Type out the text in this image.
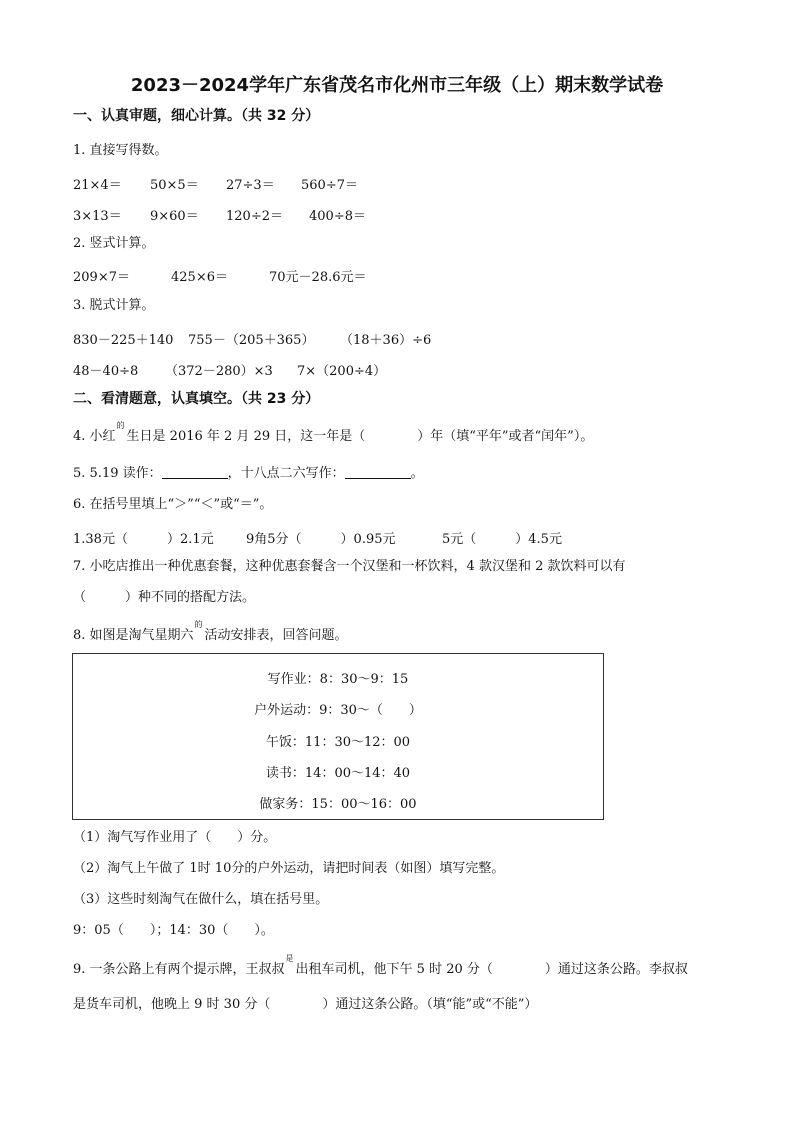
2023－2024学年广东省茂名市化州市三年级（上）期末数学试卷
一、认真审题，细心计算。（共 32 分）
1. 直接写得数。
21×4＝ 50×5＝ 27÷3＝ 560÷7＝
3×13＝ 9×60＝ 120÷2＝ 400÷8＝
2. 竖式计算。
209×7＝	425×6＝	70元－28.6元＝
3. 脱式计算。
830－225＋140 755－（205＋365） （18＋36）÷6
48－40÷8 （372－280）×3 7×（200÷4）
二、看清题意，认真填空。（共 23 分）
4. 小红
的
生日是 2016 年 2 月 29 日，这一年是（　　　　）年（填“平年”或者“闰年”）。
5. 5.19 读作：	，十八点二六写作：	。
6. 在括号里填上“＞”“＜”或“＝”。
1.38元（　　　）2.1元 9角5分（　　　）0.95元	5元（　　　）4.5元
7. 小吃店推出一种优惠套餐，这种优惠套餐含一个汉堡和一杯饮料，4 款汉堡和 2 款饮料可以有
（　　　）种不同的搭配方法。
8. 如图是淘气星期六
的
活动安排表，回答问题。
写作业：8：30～9：15
户外运动：9：30～（　　）
午饭：11：30～12：00
读书：14：00～14：40
做家务：15：00～16：00
（1）淘气写作业用了（　　）分。
（2）淘气上午做了 1时 10分的户外运动，请把时间表（如图）填写完整。
（3）这些时刻淘气在做什么，填在括号里。
9：05（　　）；14：30（　　）。
9. 一条公路上有两个提示牌，王叔叔
是
出租车司机，他下午 5 时 20 分（　　　　）通过这条公路。李叔叔
是货车司机，他晚上 9 时 30 分（　　　　）通过这条公路。（填“能”或“不能”）
